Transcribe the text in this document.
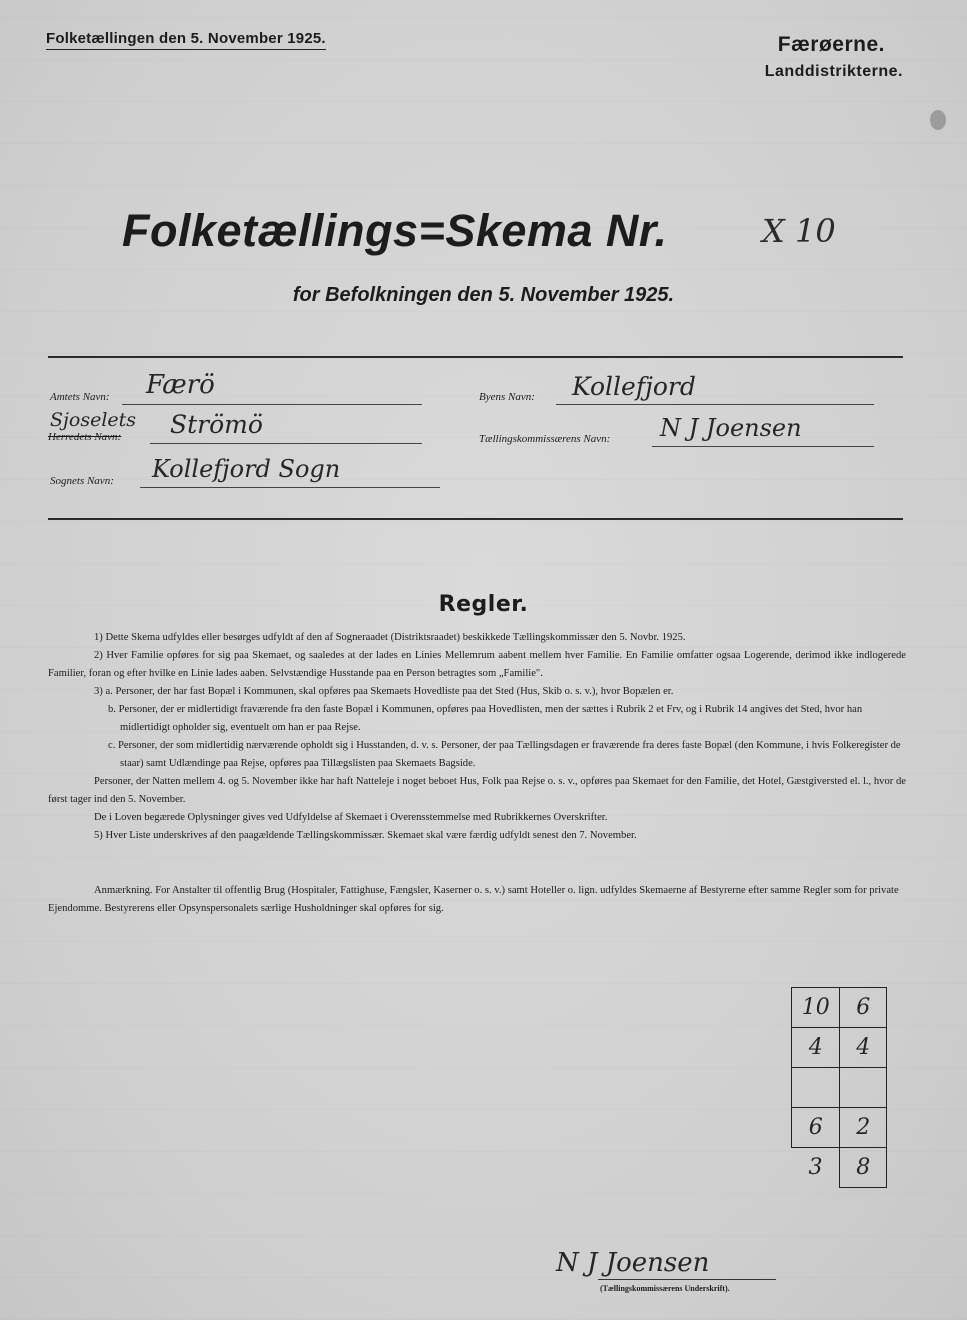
Folketællingen den 5. November 1925.	Færøerne.
Landdistrikterne.
Folketællings=Skema Nr.	X 10
for Befolkningen den 5. November 1925.
Amtets Navn: Færö
Sjoselets
Herredets Navn: Strömö
Sognets Navn: Kollefjord Sogn
Byens Navn: Kollefjord
Tællingskommissærens Navn: N J Joensen
Regler.

1) Dette Skema udfyldes eller besørges udfyldt af den af Sogneraadet (Distriktsraadet) beskikkede Tællingskommissær den 5. Novbr. 1925.

2) Hver Familie opføres for sig paa Skemaet, og saaledes at der lades en Linies Mellemrum aabent mellem hver Familie. En Familie omfatter ogsaa Logerende, derimod ikke indlogerede Familier, foran og efter hvilke en Linie lades aaben. Selvstændige Husstande paa en Person betragtes som „Familie".

3) a. Personer, der har fast Bopæl i Kommunen, skal opføres paa Skemaets Hovedliste paa det Sted (Hus, Skib o. s. v.), hvor Bopælen er.

b. Personer, der er midlertidigt fraværende fra den faste Bopæl i Kommunen, opføres paa Hovedlisten, men der sættes i Rubrik 2 et Frv, og i Rubrik 14 angives det Sted, hvor han midlertidigt opholder sig, eventuelt om han er paa Rejse.

c. Personer, der som midlertidig nærværende opholdt sig i Husstanden, d. v. s. Personer, der paa Tællingsdagen er fraværende fra deres faste Bopæl (den Kommune, i hvis Folkeregister de staar) samt Udlændinge paa Rejse, opføres paa Tillægslisten paa Skemaets Bagside.

Personer, der Natten mellem 4. og 5. November ikke har haft Natteleje i noget beboet Hus, Folk paa Rejse o. s. v., opføres paa Skemaet for den Familie, det Hotel, Gæstgiversted el. l., hvor de først tager ind den 5. November.

De i Loven begærede Oplysninger gives ved Udfyldelse af Skemaet i Overensstemmelse med Rubrikkernes Overskrifter.

5) Hver Liste underskrives af den paagældende Tællingskommissær. Skemaet skal være færdig udfyldt senest den 7. November.

Anmærkning. For Anstalter til offentlig Brug (Hospitaler, Fattighuse, Fængsler, Kaserner o. s. v.) samt Hoteller o. lign. udfyldes Skemaerne af Bestyrerne efter samme Regler som for private Ejendomme. Bestyrerens eller Opsynspersonalets særlige Husholdninger skal opføres for sig.
10	6
4	4

6	2
3	8
N J Joensen
(Tællingskommissærens Underskrift).
